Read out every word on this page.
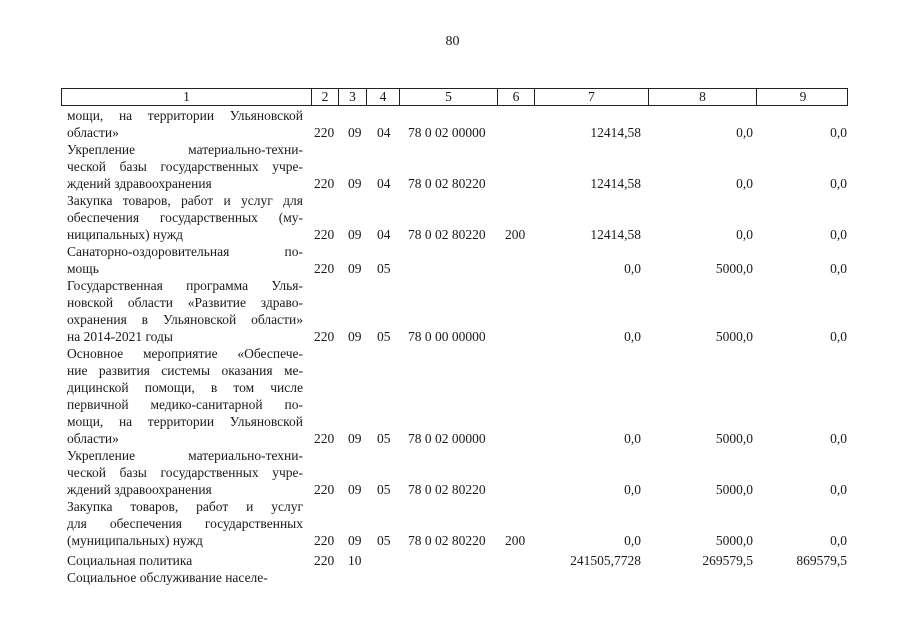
80
1	2	3	4	5	6	7	8	9
мощи, на территории Ульяновской
области»	220 09 04 78 0 02 00000	12414,58	0,0	0,0
Укрепление материально-техни-
ческой базы государственных учре-
ждений здравоохранения	220 09 04 78 0 02 80220	12414,58	0,0	0,0
Закупка товаров, работ и услуг для
обеспечения государственных (му-
ниципальных) нужд	220 09 04 78 0 02 80220 200	12414,58	0,0	0,0
Санаторно-оздоровительная по-
мощь	220 09 05	0,0	5000,0	0,0
Государственная программа Улья-
новской области «Развитие здраво-
охранения в Ульяновской области»
на 2014-2021 годы	220 09 05 78 0 00 00000	0,0	5000,0	0,0
Основное мероприятие «Обеспече-
ние развития системы оказания ме-
дицинской помощи, в том числе
первичной медико-санитарной по-
мощи, на территории Ульяновской
области»	220 09 05 78 0 02 00000	0,0	5000,0	0,0
Укрепление материально-техни-
ческой базы государственных учре-
ждений здравоохранения	220 09 05 78 0 02 80220	0,0	5000,0	0,0
Закупка товаров, работ и услуг
для обеспечения государственных
(муниципальных) нужд	220 09 05 78 0 02 80220 200	0,0	5000,0	0,0
Социальная политика	220 10	241505,7728	269579,5	869579,5
Социальное обслуживание населе-
